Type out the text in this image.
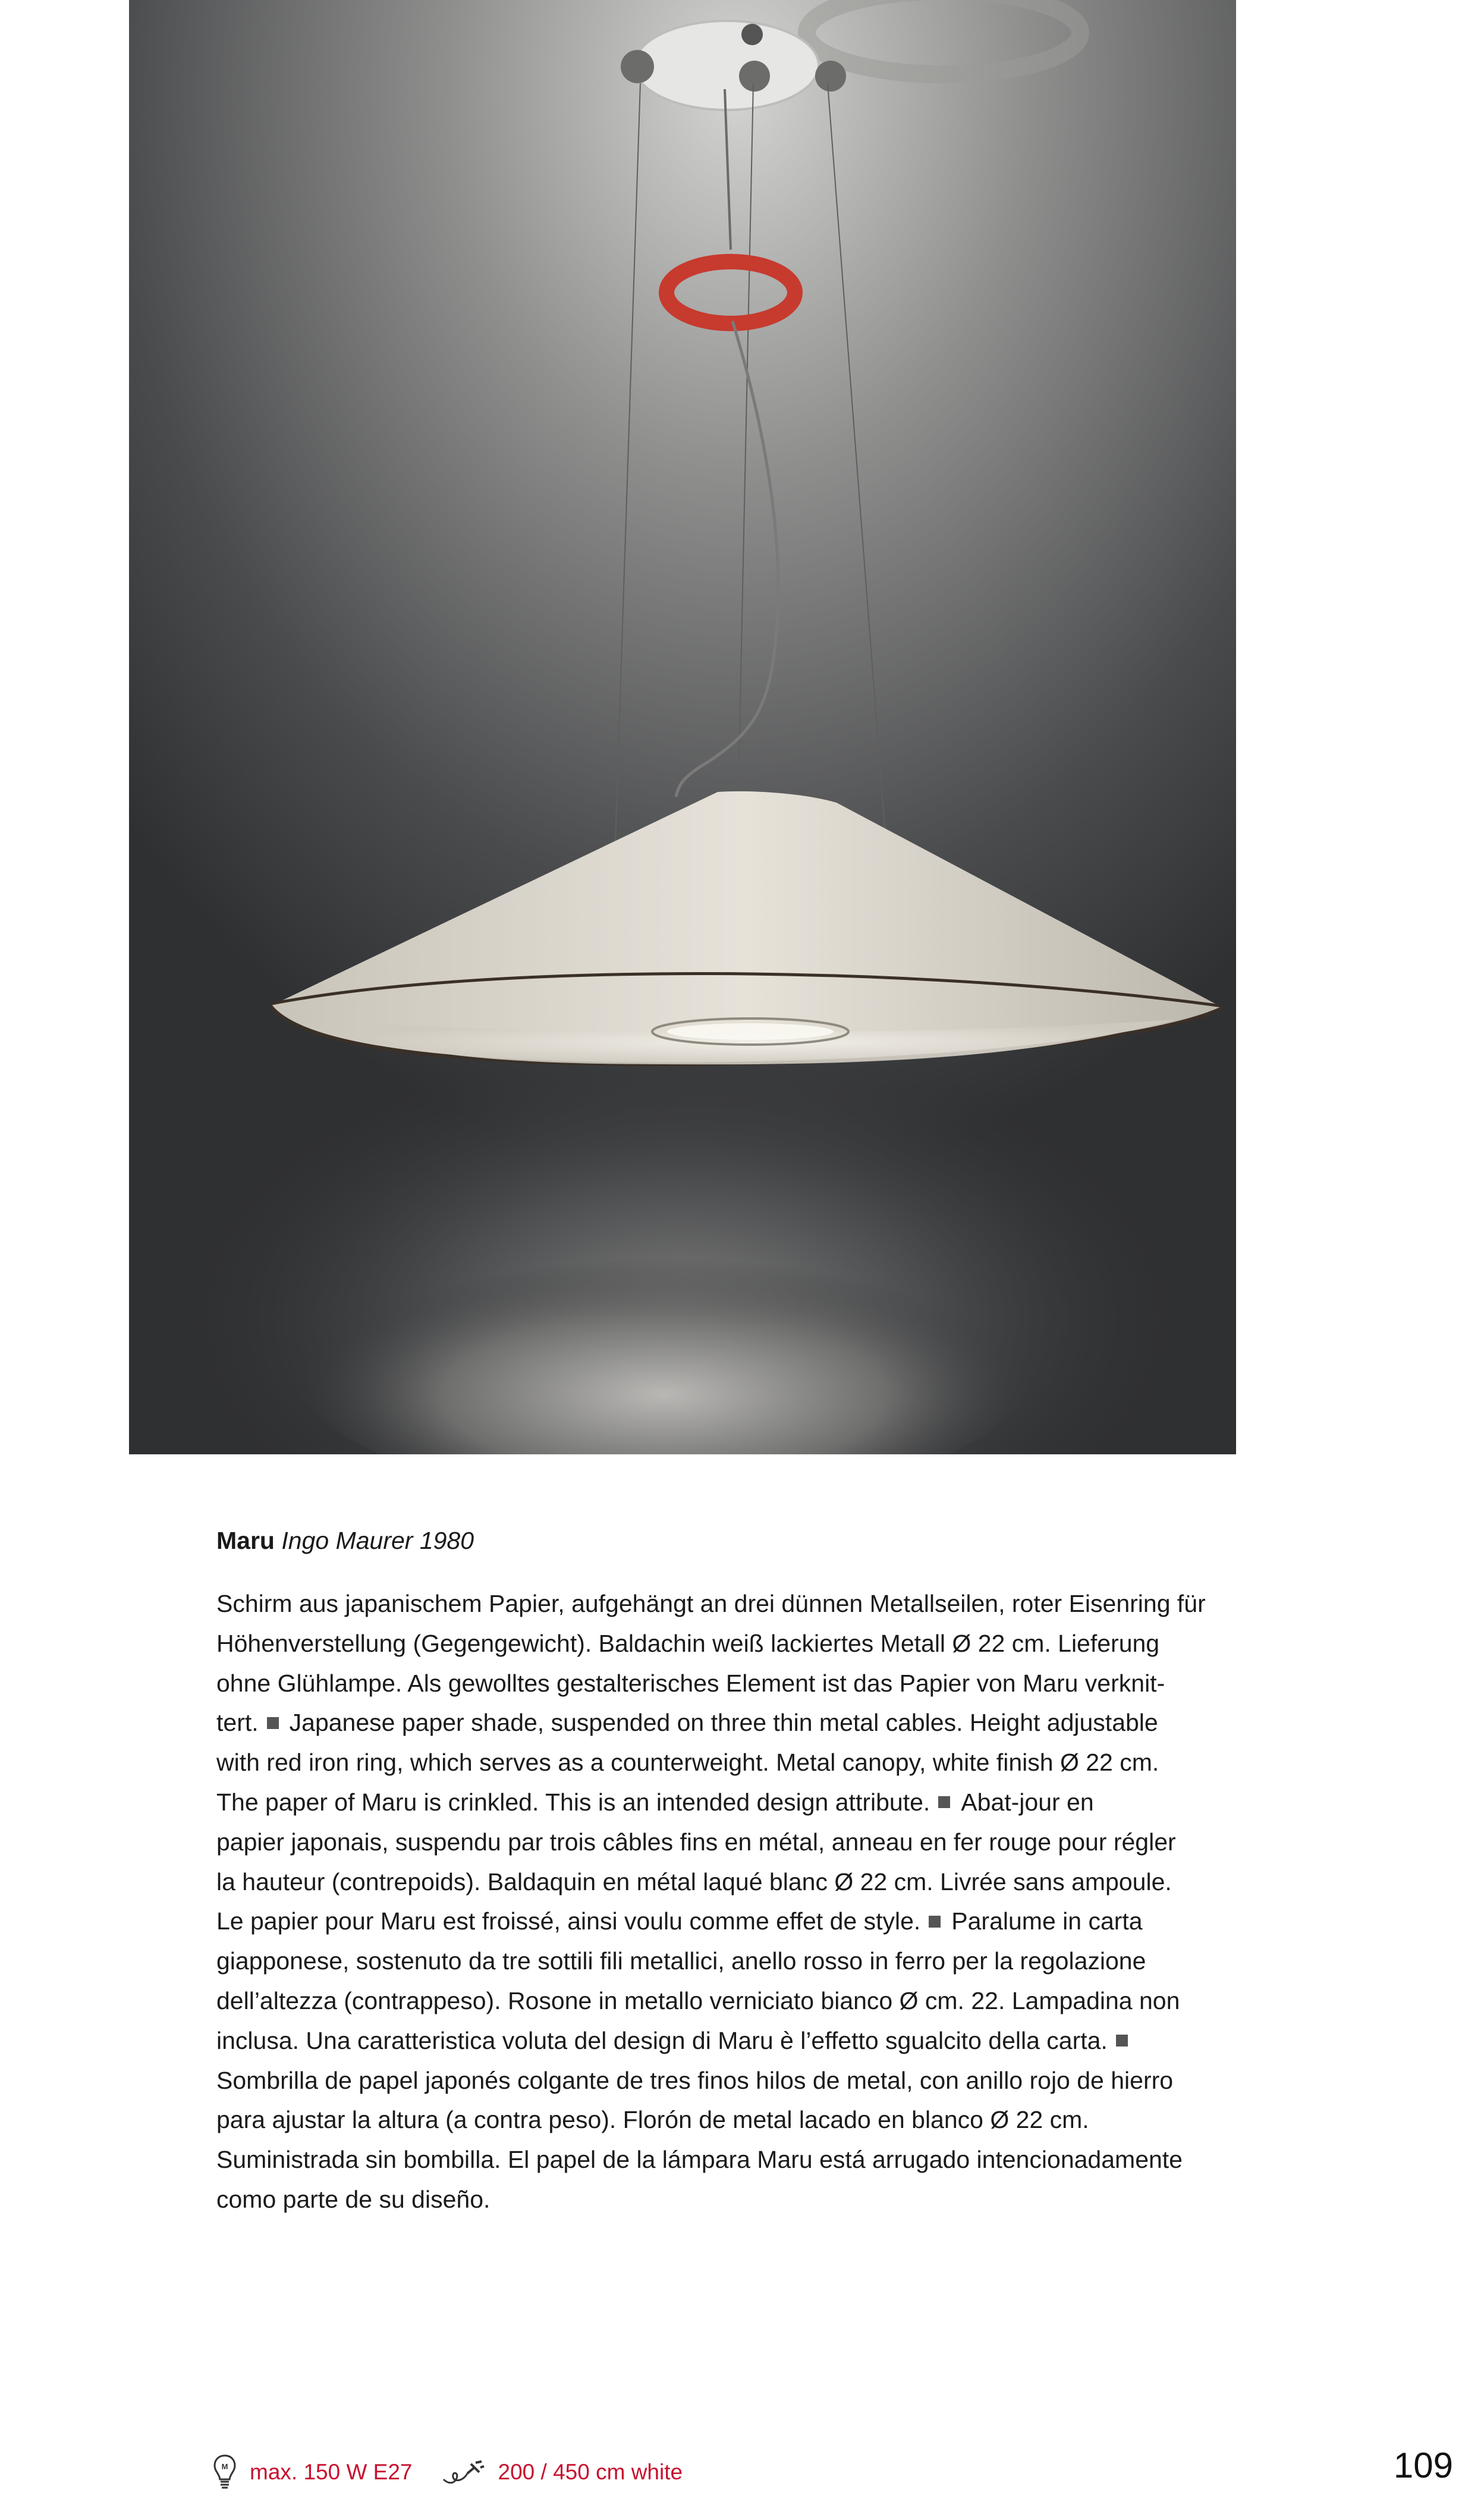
Maru Ingo Maurer 1980
Schirm aus japanischem Papier, aufgehängt an drei dünnen Metallseilen, roter Eisenring für
Höhenverstellung (Gegengewicht). Baldachin weiß lackiertes Metall Ø 22 cm. Lieferung
ohne Glühlampe. Als gewolltes gestalterisches Element ist das Papier von Maru verknit-
tert. Japanese paper shade, suspended on three thin metal cables. Height adjustable
with red iron ring, which serves as a counterweight. Metal canopy, white finish Ø 22 cm.
The paper of Maru is crinkled. This is an intended design attribute. Abat-jour en
papier japonais, suspendu par trois câbles fins en métal, anneau en fer rouge pour régler
la hauteur (contrepoids). Baldaquin en métal laqué blanc Ø 22 cm. Livrée sans ampoule.
Le papier pour Maru est froissé, ainsi voulu comme effet de style. Paralume in carta
giapponese, sostenuto da tre sottili fili metallici, anello rosso in ferro per la regolazione
dell’altezza (contrappeso). Rosone in metallo verniciato bianco Ø cm. 22. Lampadina non
inclusa. Una caratteristica voluta del design di Maru è l’effetto sgualcito della carta.
Sombrilla de papel japonés colgante de tres finos hilos de metal, con anillo rojo de hierro
para ajustar la altura (a contra peso). Florón de metal lacado en blanco Ø 22 cm.
Suministrada sin bombilla. El papel de la lámpara Maru está arrugado intencionadamente
como parte de su diseño.
M max. 150 W E27	200 / 450 cm white	109
